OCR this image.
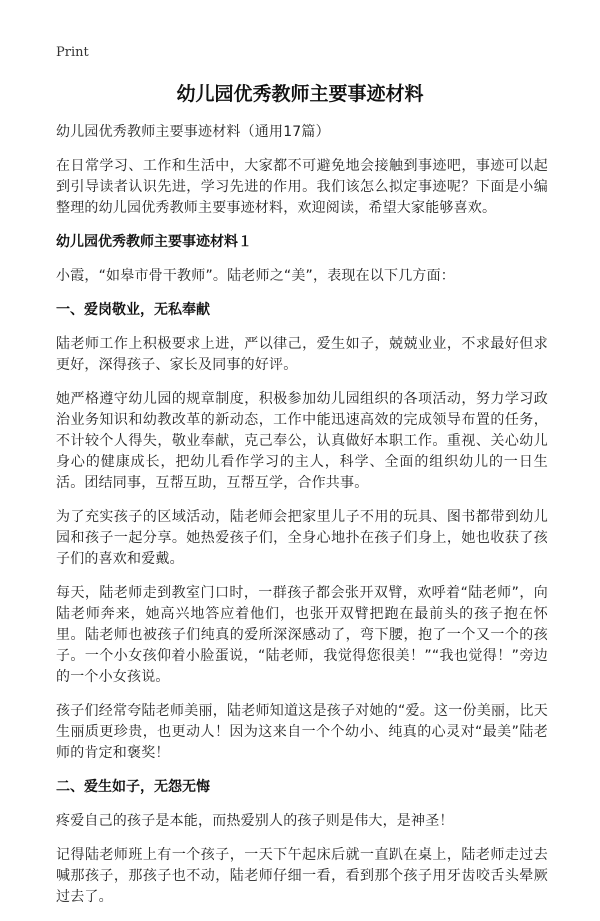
Print
幼儿园优秀教师主要事迹材料

幼儿园优秀教师主要事迹材料（通用17篇）

在日常学习、工作和生活中，大家都不可避免地会接触到事迹吧，事迹可以起到引导读者认识先进，学习先进的作用。我们该怎么拟定事迹呢？下面是小编整理的幼儿园优秀教师主要事迹材料，欢迎阅读，希望大家能够喜欢。

幼儿园优秀教师主要事迹材料１

小霞，“如皋市骨干教师”。陆老师之“美”，表现在以下几方面：

一、爱岗敬业，无私奉献

陆老师工作上积极要求上进，严以律己，爱生如子，兢兢业业，不求最好但求更好，深得孩子、家长及同事的好评。

她严格遵守幼儿园的规章制度，积极参加幼儿园组织的各项活动，努力学习政治业务知识和幼教改革的新动态，工作中能迅速高效的完成领导布置的任务，不计较个人得失，敬业奉献，克己奉公，认真做好本职工作。重视、关心幼儿身心的健康成长，把幼儿看作学习的主人，科学、全面的组织幼儿的一日生活。团结同事，互帮互助，互帮互学，合作共事。

为了充实孩子的区域活动，陆老师会把家里儿子不用的玩具、图书都带到幼儿园和孩子一起分享。她热爱孩子们，全身心地扑在孩子们身上，她也收获了孩子们的喜欢和爱戴。

每天，陆老师走到教室门口时，一群孩子都会张开双臂，欢呼着“陆老师”，向陆老师奔来，她高兴地答应着他们，也张开双臂把跑在最前头的孩子抱在怀里。陆老师也被孩子们纯真的爱所深深感动了，弯下腰，抱了一个又一个的孩子。一个小女孩仰着小脸蛋说，“陆老师，我觉得您很美！”“我也觉得！”旁边的一个小女孩说。

孩子们经常夸陆老师美丽，陆老师知道这是孩子对她的“爱。这一份美丽，比天生丽质更珍贵，也更动人！因为这来自一个个幼小、纯真的心灵对“最美”陆老师的肯定和褒奖！

二、爱生如子，无怨无悔

疼爱自己的孩子是本能，而热爱别人的孩子则是伟大，是神圣！

记得陆老师班上有一个孩子，一天下午起床后就一直趴在桌上，陆老师走过去喊那孩子，那孩子也不动，陆老师仔细一看，看到那个孩子用牙齿咬舌头晕厥过去了。
